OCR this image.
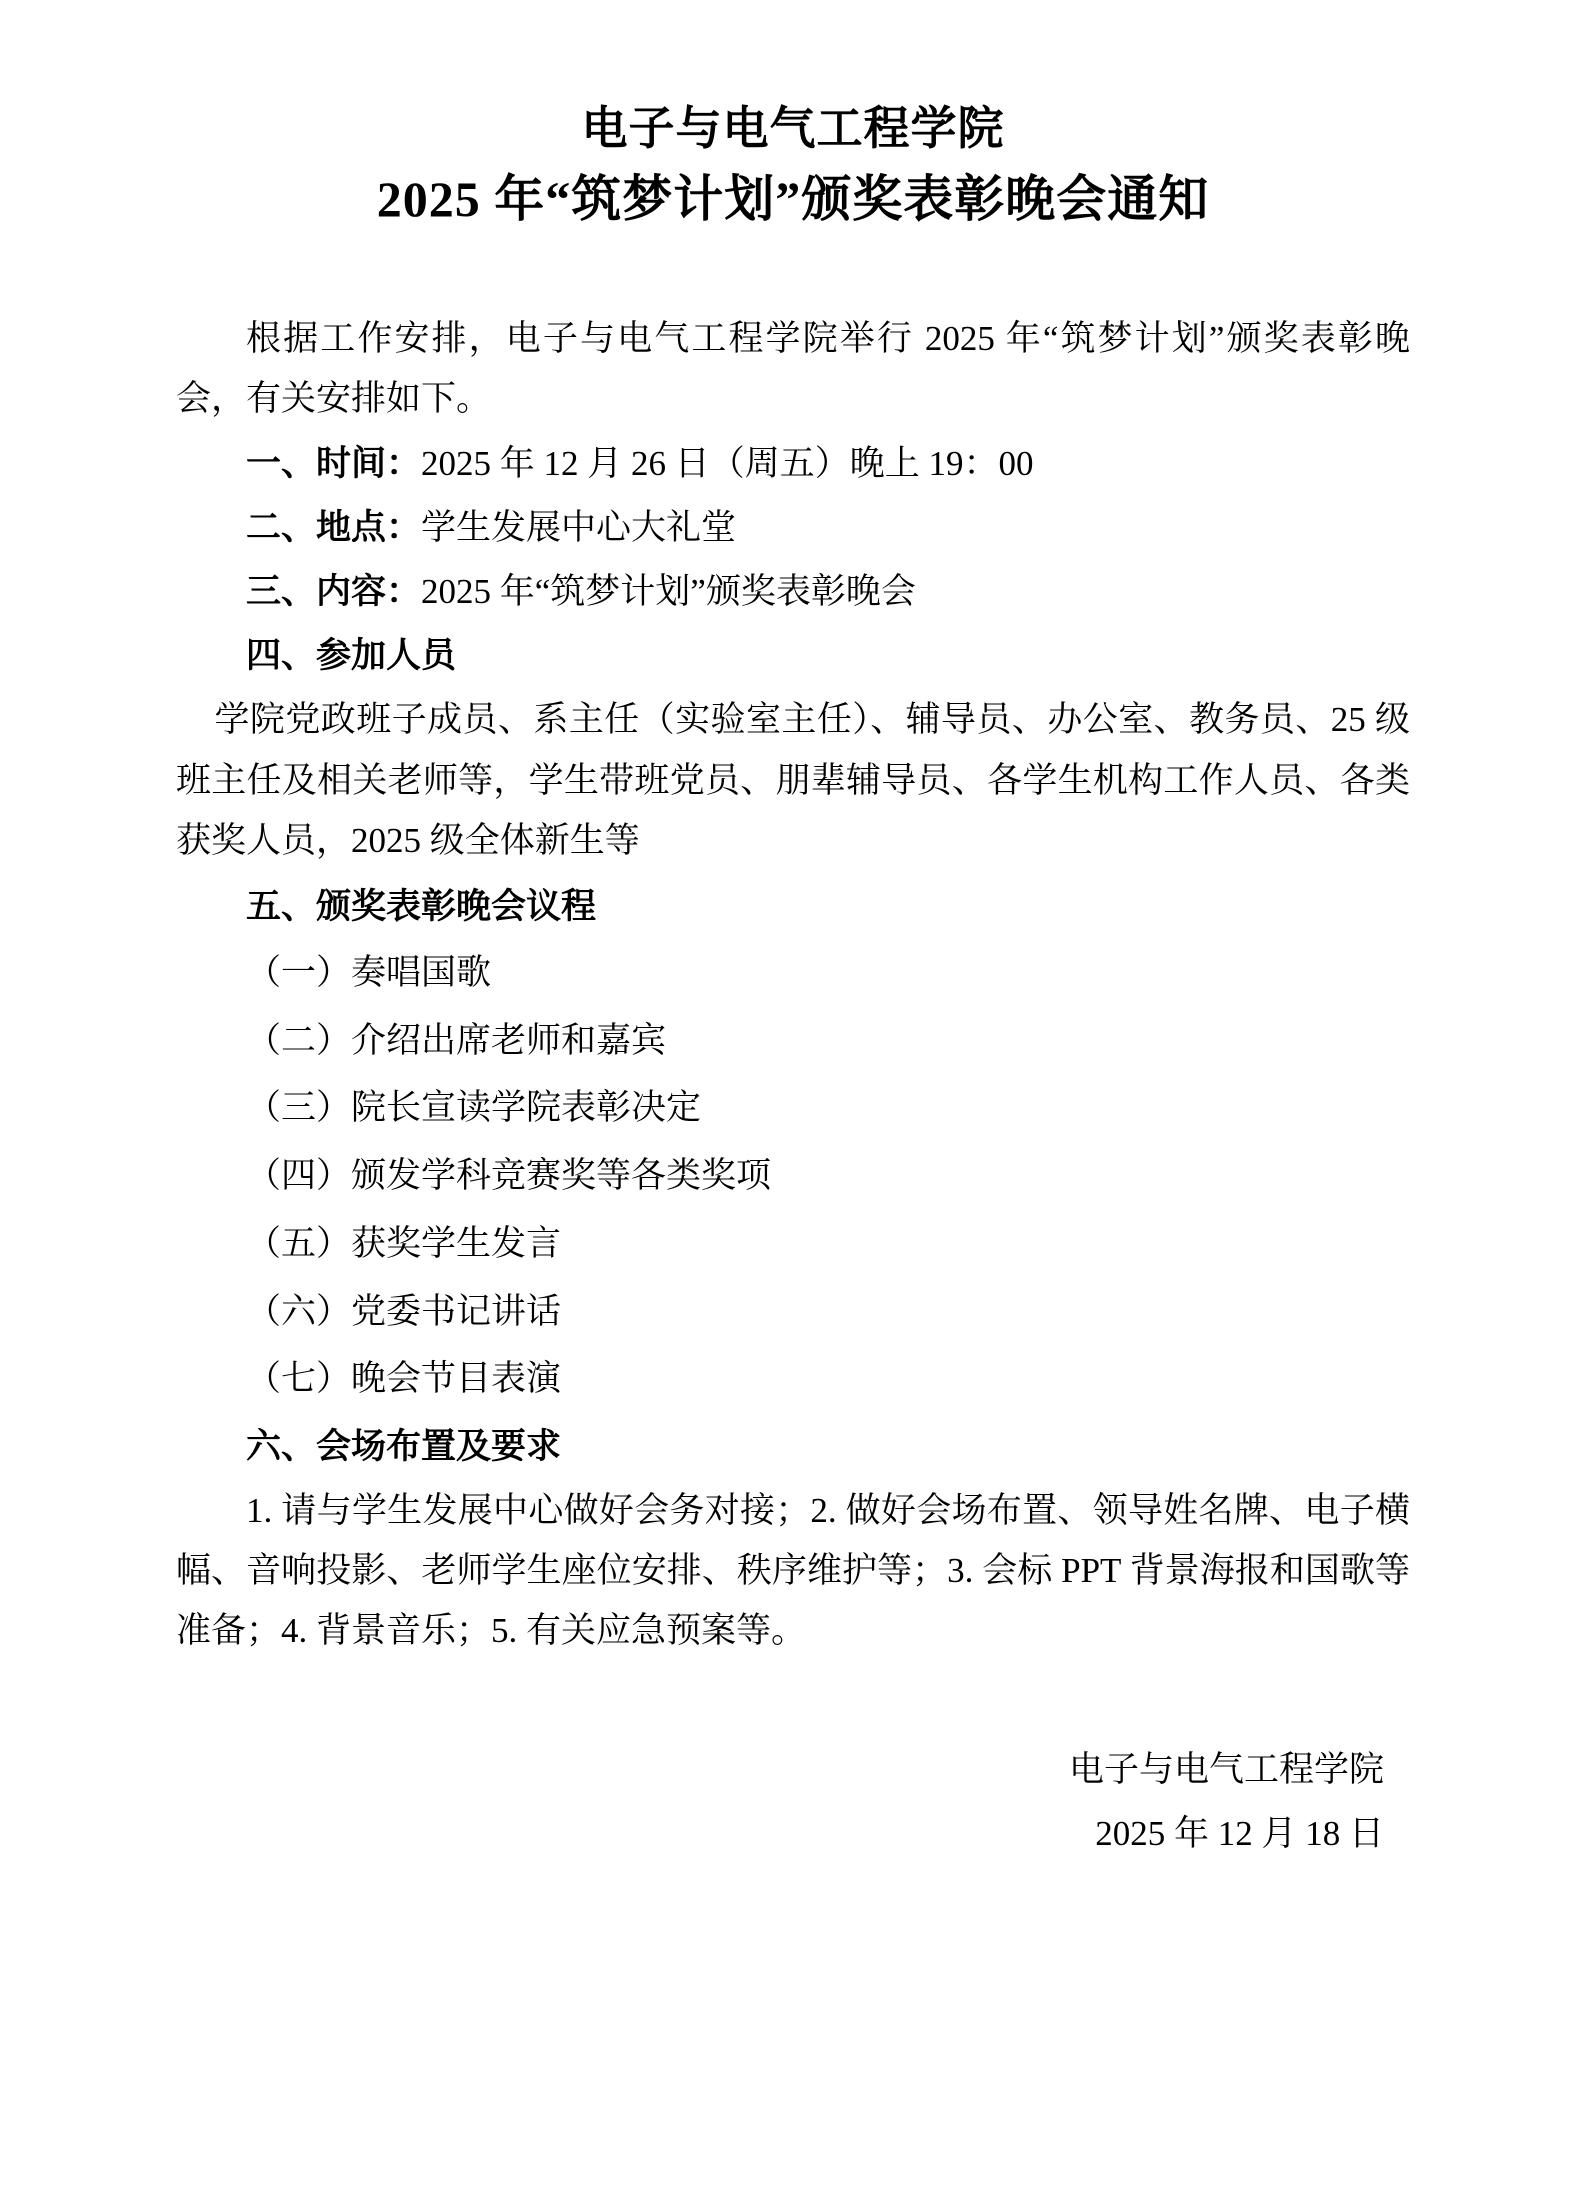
电子与电气工程学院
2025 年“筑梦计划”颁奖表彰晚会通知

根据工作安排，电子与电气工程学院举行 2025 年“筑梦计划”颁奖表彰晚会，有关安排如下。

一、时间：2025 年 12 月 26 日（周五）晚上 19：00

二、地点：学生发展中心大礼堂

三、内容：2025 年“筑梦计划”颁奖表彰晚会

四、参加人员

学院党政班子成员、系主任（实验室主任）、辅导员、办公室、教务员、25 级班主任及相关老师等，学生带班党员、朋辈辅导员、各学生机构工作人员、各类获奖人员，2025 级全体新生等

五、颁奖表彰晚会议程

（一）奏唱国歌

（二）介绍出席老师和嘉宾

（三）院长宣读学院表彰决定

（四）颁发学科竞赛奖等各类奖项

（五）获奖学生发言

（六）党委书记讲话

（七）晚会节目表演

六、会场布置及要求

1. 请与学生发展中心做好会务对接；2. 做好会场布置、领导姓名牌、电子横幅、音响投影、老师学生座位安排、秩序维护等；3. 会标 PPT 背景海报和国歌等准备；4. 背景音乐；5. 有关应急预案等。

电子与电气工程学院
2025 年 12 月 18 日
